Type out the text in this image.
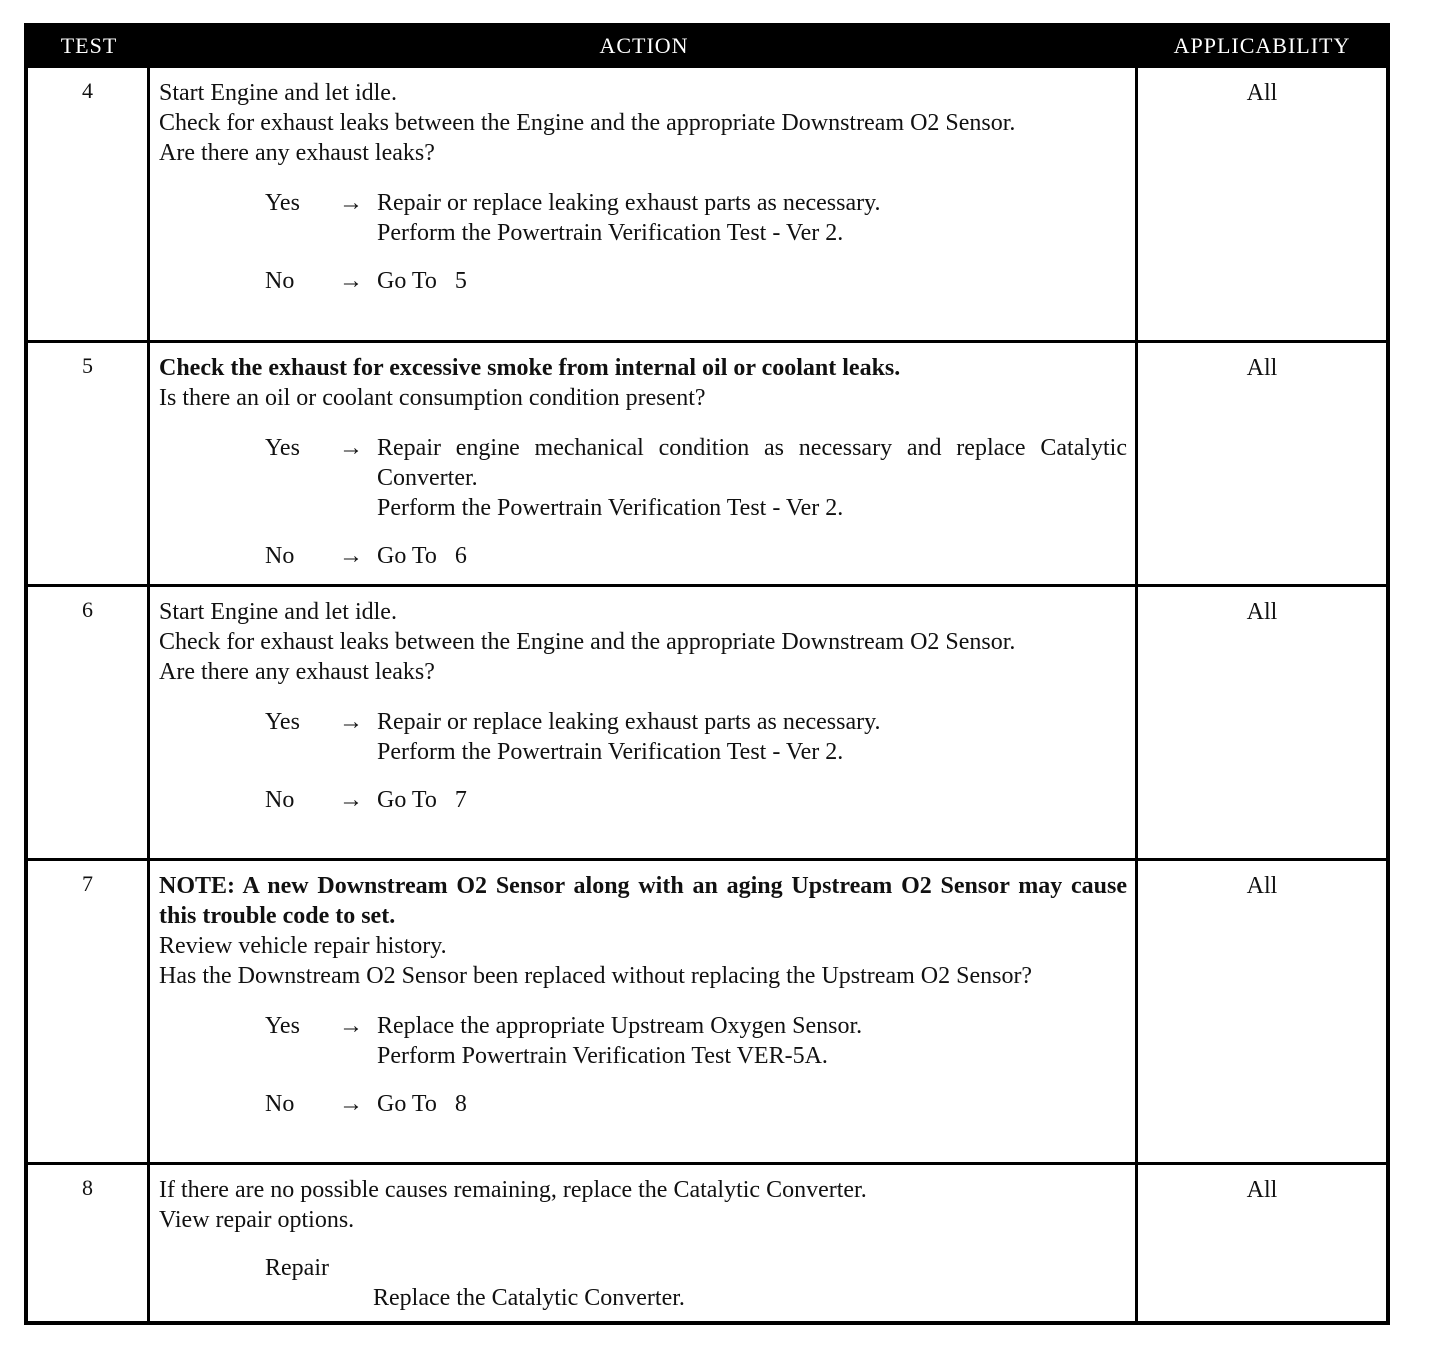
TEST	ACTION	APPLICABILITY
4	Start Engine and let idle.
Check for exhaust leaks between the Engine and the appropriate Downstream O2 Sensor.
Are there any exhaust leaks?
Yes	→ Repair or replace leaking exhaust parts as necessary.
Perform the Powertrain Verification Test - Ver 2.
No	→ Go To   5
All
5	Check the exhaust for excessive smoke from internal oil or coolant leaks.
Is there an oil or coolant consumption condition present?
Yes	→ Repair engine mechanical condition as necessary and replace Catalytic Converter.
Perform the Powertrain Verification Test - Ver 2.
No	→ Go To   6
All
6	Start Engine and let idle.
Check for exhaust leaks between the Engine and the appropriate Downstream O2 Sensor.
Are there any exhaust leaks?
Yes	→ Repair or replace leaking exhaust parts as necessary.
Perform the Powertrain Verification Test - Ver 2.
No	→ Go To   7
All
7	NOTE: A new Downstream O2 Sensor along with an aging Upstream O2 Sensor may cause this trouble code to set.
Review vehicle repair history.
Has the Downstream O2 Sensor been replaced without replacing the Upstream O2 Sensor?
Yes	→ Replace the appropriate Upstream Oxygen Sensor.
Perform Powertrain Verification Test VER-5A.
No	→ Go To   8
All
8	If there are no possible causes remaining, replace the Catalytic Converter.
View repair options.
Repair
Replace the Catalytic Converter.
All
